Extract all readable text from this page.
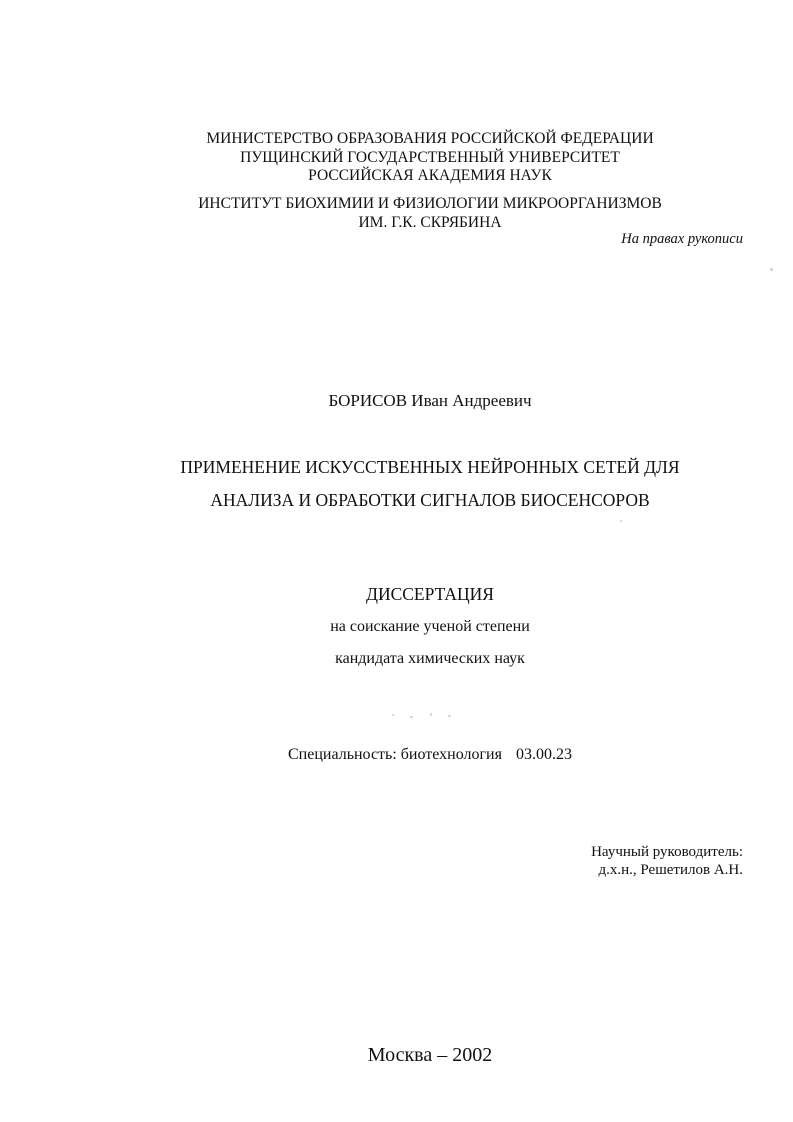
МИНИСТЕРСТВО ОБРАЗОВАНИЯ РОССИЙСКОЙ ФЕДЕРАЦИИ
ПУЩИНСКИЙ ГОСУДАРСТВЕННЫЙ УНИВЕРСИТЕТ
РОССИЙСКАЯ АКАДЕМИЯ НАУК
ИНСТИТУТ БИОХИМИИ И ФИЗИОЛОГИИ МИКРООРГАНИЗМОВ
ИМ. Г.К. СКРЯБИНА
На правах рукописи
БОРИСОВ Иван Андреевич
ПРИМЕНЕНИЕ ИСКУССТВЕННЫХ НЕЙРОННЫХ СЕТЕЙ ДЛЯ
АНАЛИЗА И ОБРАБОТКИ СИГНАЛОВ БИОСЕНСОРОВ
ДИССЕРТАЦИЯ
на соискание ученой степени
кандидата химических наук
Специальность: биотехнология 03.00.23
Научный руководитель:
д.х.н., Решетилов А.Н.
Москва – 2002
